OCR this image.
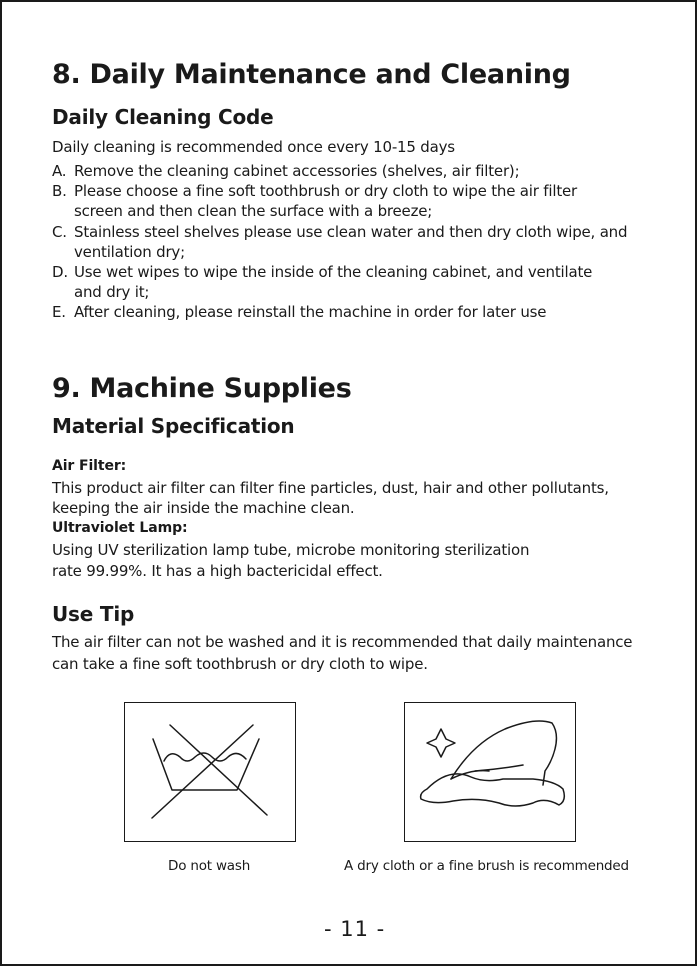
8. Daily Maintenance and Cleaning
Daily Cleaning Code
Daily cleaning is recommended once every 10-15 days
A. Remove the cleaning cabinet accessories (shelves, air filter);
B. Please choose a fine soft toothbrush or dry cloth to wipe the air filter
screen and then clean the surface with a breeze;
C. Stainless steel shelves please use clean water and then dry cloth wipe, and
ventilation dry;
D. Use wet wipes to wipe the inside of the cleaning cabinet, and ventilate
and dry it;
E. After cleaning, please reinstall the machine in order for later use
9. Machine Supplies
Material Specification
Air Filter:
This product air filter can filter fine particles, dust, hair and other pollutants,
keeping the air inside the machine clean.
Ultraviolet Lamp:
Using UV sterilization lamp tube, microbe monitoring sterilization
rate 99.99%. It has a high bactericidal effect.
Use Tip
The air filter can not be washed and it is recommended that daily maintenance
can take a fine soft toothbrush or dry cloth to wipe.
Do not wash	A dry cloth or a fine brush is recommended
- 11 -
